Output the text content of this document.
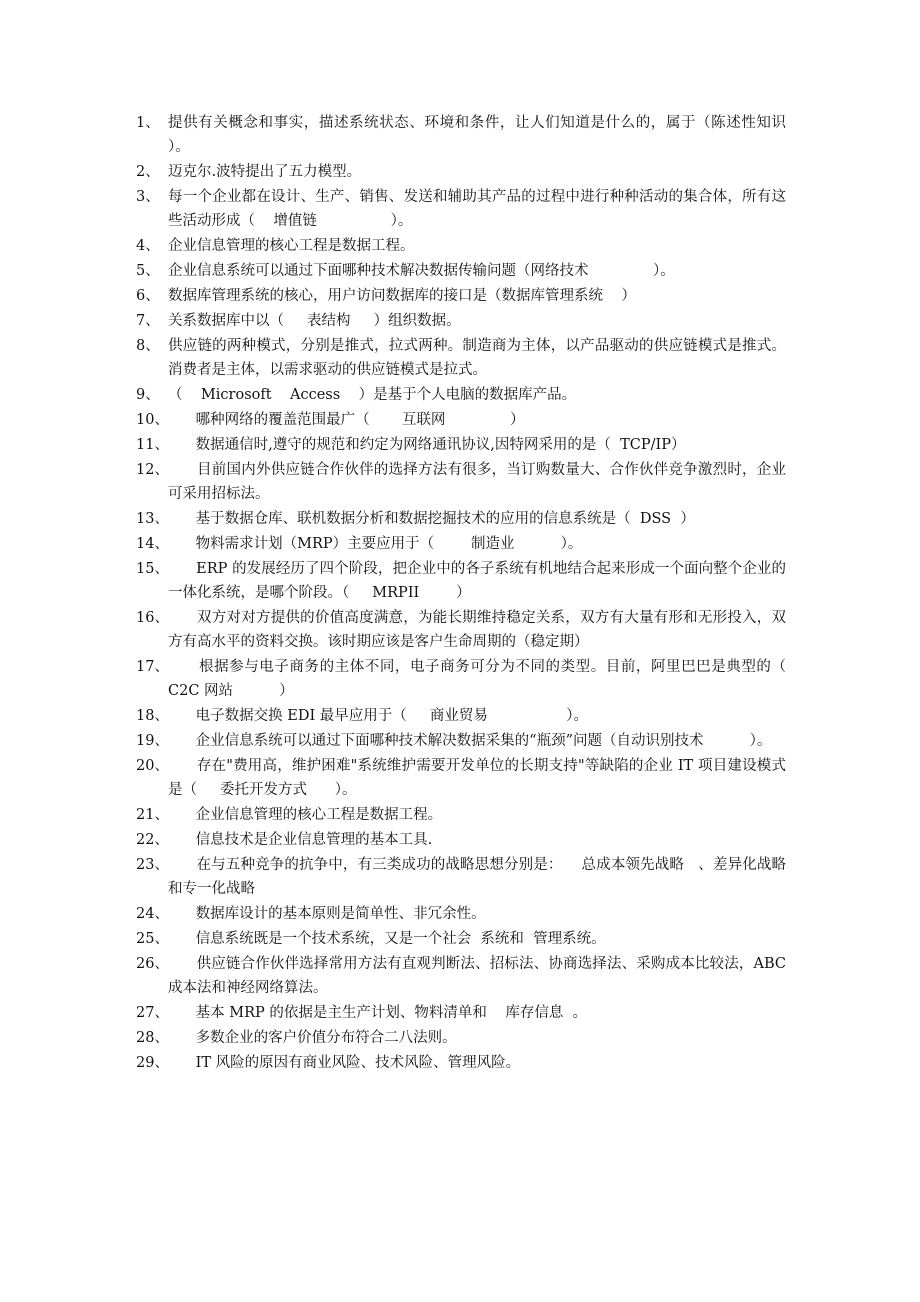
1、 提供有关概念和事实，描述系统状态、环境和条件，让人们知道是什么的，属于（陈述性知识      ）。
2、 迈克尔.波特提出了五力模型。
3、 每一个企业都在设计、生产、销售、发送和辅助其产品的过程中进行种种活动的集合体，所有这些活动形成（    增值链                ）。
4、 企业信息管理的核心工程是数据工程。
5、 企业信息系统可以通过下面哪种技术解决数据传输问题（网络技术              ）。
6、 数据库管理系统的核心，用户访问数据库的接口是（数据库管理系统    ）
7、 关系数据库中以（     表结构     ）组织数据。
8、 供应链的两种模式，分别是推式，拉式两种。制造商为主体，以产品驱动的供应链模式是推式。消费者是主体，以需求驱动的供应链模式是拉式。
9、 （    Microsoft    Access    ）是基于个人电脑的数据库产品。
10、 哪种网络的覆盖范围最广（       互联网              ）
11、 数据通信时,遵守的规范和约定为网络通讯协议,因特网采用的是（  TCP/IP）
12、 目前国内外供应链合作伙伴的选择方法有很多，当订购数量大、合作伙伴竞争激烈时，企业可采用招标法。
13、 基于数据仓库、联机数据分析和数据挖掘技术的应用的信息系统是（  DSS  ）
14、 物料需求计划（MRP）主要应用于（        制造业          ）。
15、 ERP 的发展经历了四个阶段，把企业中的各子系统有机地结合起来形成一个面向整个企业的一体化系统，是哪个阶段。（     MRPII        ）
16、 双方对对方提供的价值高度满意，为能长期维持稳定关系，双方有大量有形和无形投入，双方有高水平的资料交换。该时期应该是客户生命周期的（稳定期）
17、 根据参与电子商务的主体不同，电子商务可分为不同的类型。目前，阿里巴巴是典型的（       C2C 网站          ）
18、 电子数据交换 EDI 最早应用于（     商业贸易                 ）。
19、 企业信息系统可以通过下面哪种技术解决数据采集的“瓶颈”问题（自动识别技术          ）。
20、 存在"费用高，维护困难"系统维护需要开发单位的长期支持"等缺陷的企业 IT 项目建设模式是（     委托开发方式      ）。
21、 企业信息管理的核心工程是数据工程。
22、 信息技术是企业信息管理的基本工具.
23、 在与五种竞争的抗争中，有三类成功的战略思想分别是：    总成本领先战略   、差异化战略和专一化战略
24、 数据库设计的基本原则是简单性、非冗余性。
25、 信息系统既是一个技术系统，又是一个社会  系统和  管理系统。
26、 供应链合作伙伴选择常用方法有直观判断法、招标法、协商选择法、采购成本比较法，ABC 成本法和神经网络算法。
27、 基本 MRP 的依据是主生产计划、物料清单和    库存信息  。
28、 多数企业的客户价值分布符合二八法则。
29、 IT 风险的原因有商业风险、技术风险、管理风险。
